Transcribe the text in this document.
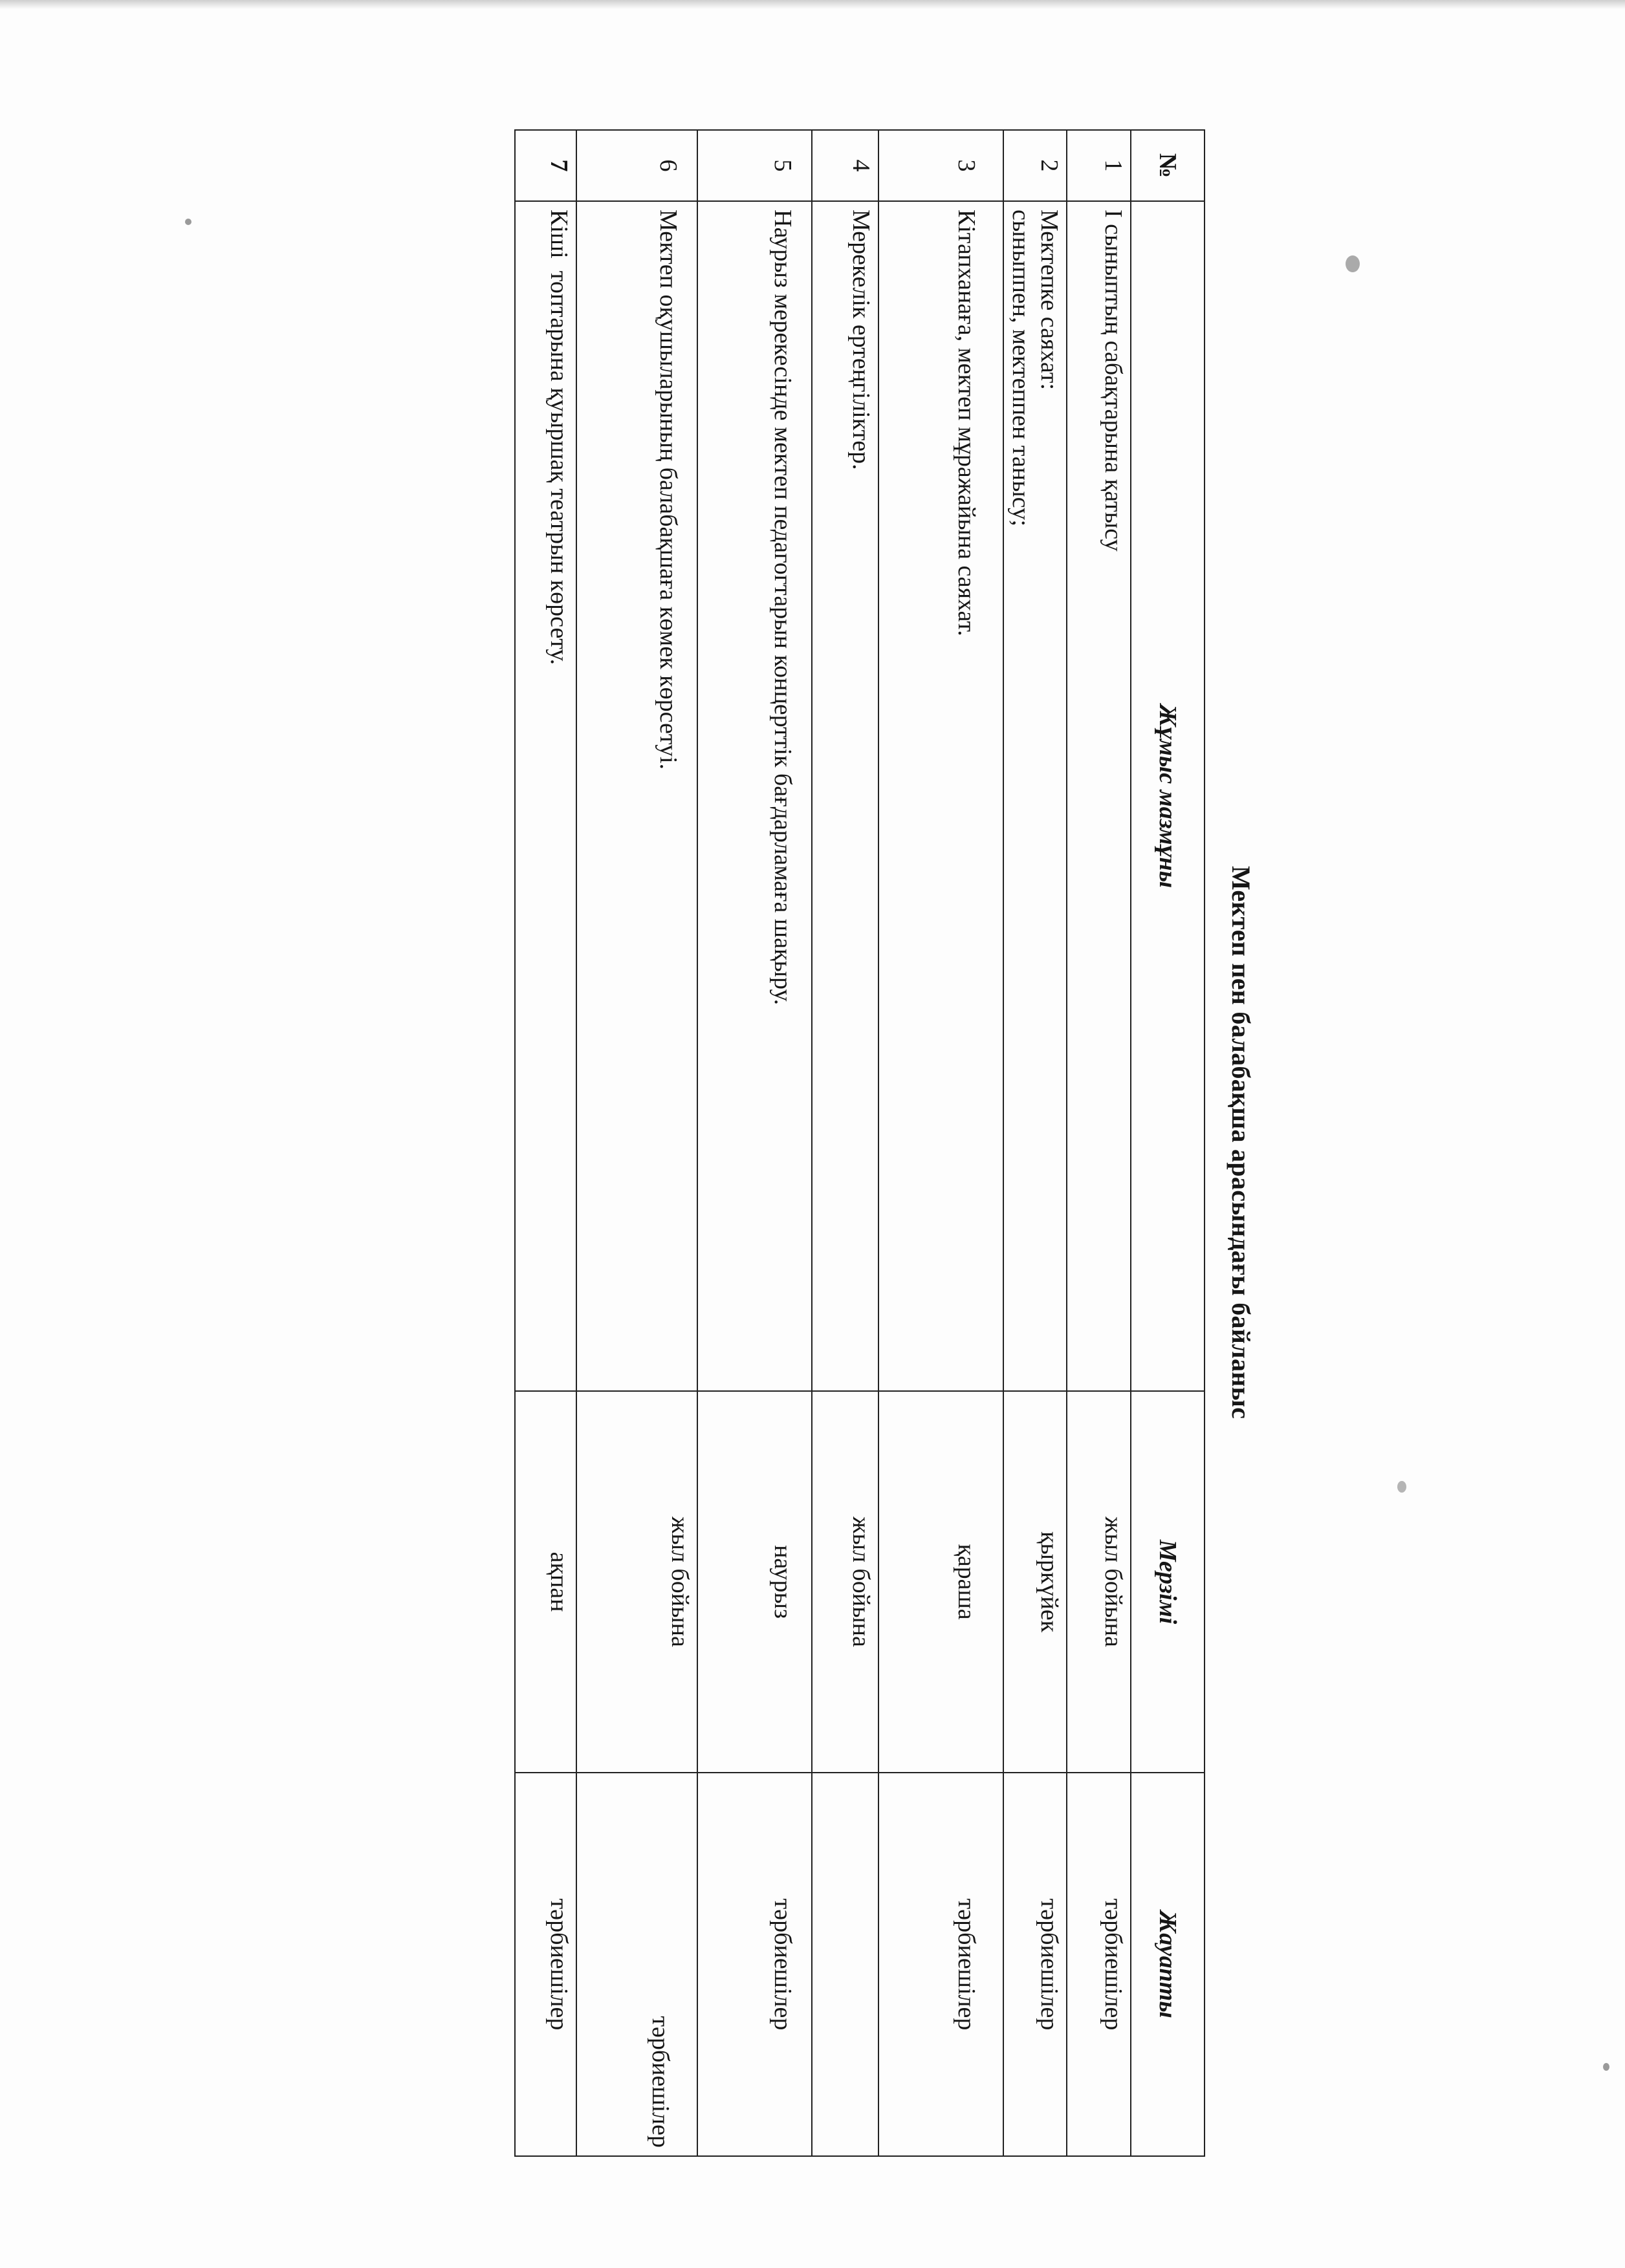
Мектеп пен балабақша арасындағы байланыс
№	Жұмыс мазмұны	Мерзімі	Жауапты
1	І сыныптың сабақтарына қатысу	жыл бойына	тәрбиешілер
2	Мектепке саяхат:
сыныппен, мектеппен танысу;	қыркүйек	тәрбиешілер
3	Кітапханаға, мектеп мұражайына саяхат.	қараша	тәрбиешілер
4	Мерекелік ертеңгіліктер.	жыл бойына	
5	Наурыз мерекесінде мектеп педагогтарын концерттік бағдарламаға шақыру.	наурыз	тәрбиешілер
6	Мектеп оқушыларының балабақшаға көмек көрсетуі.	жыл бойына	тәрбиешілер
7	Кіші  топтарына қуыршақ театрын көрсету.	ақпан	тәрбиешілер
